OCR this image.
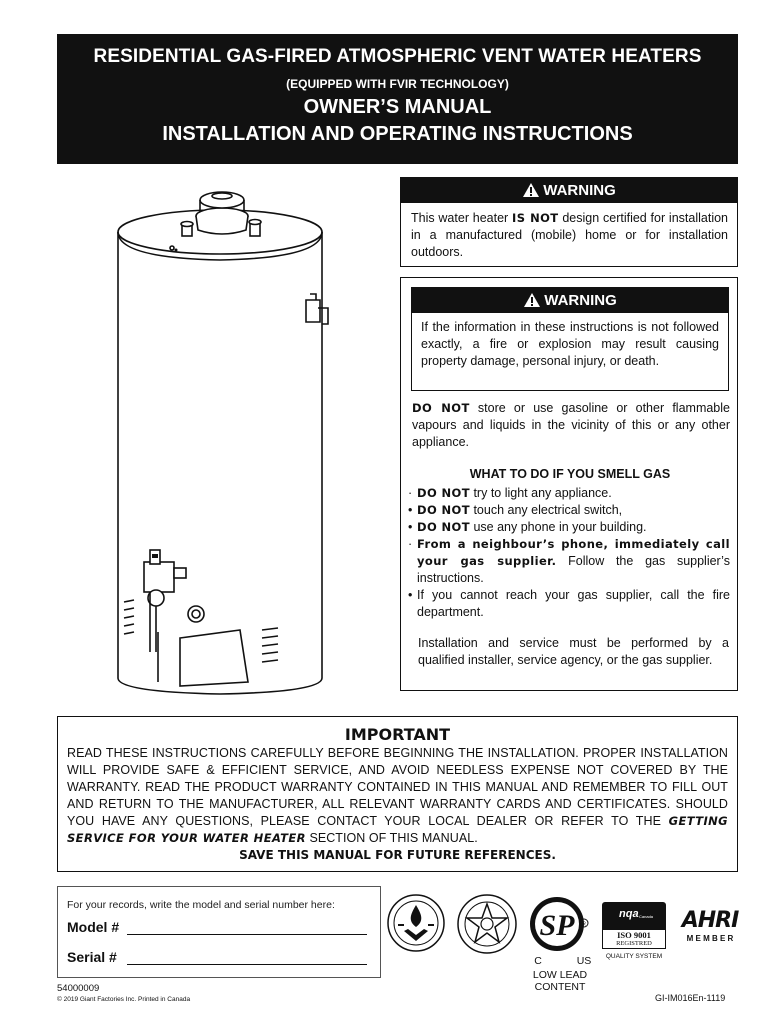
RESIDENTIAL GAS-FIRED ATMOSPHERIC VENT WATER HEATERS
(EQUIPPED WITH FVIR TECHNOLOGY)
OWNER’S MANUAL
INSTALLATION AND OPERATING INSTRUCTIONS
WARNING
This water heater IS NOT design certified for installation in a manufactured (mobile) home or for installation outdoors.
WARNING
If the information in these instructions is not followed exactly, a fire or explosion may result causing property damage, personal injury, or death.
DO NOT store or use gasoline or other flammable vapours and liquids in the vicinity of this or any other appliance.
WHAT TO DO IF YOU SMELL GAS
· DO NOT try to light any appliance.
• DO NOT touch any electrical switch,
• DO NOT use any phone in your building.
· From a neighbour’s phone, immediately call your gas supplier. Follow the gas supplier’s instructions.
• If you cannot reach your gas supplier, call the fire department.
Installation and service must be performed by a qualified installer, service agency, or the gas supplier.
IMPORTANT
READ THESE INSTRUCTIONS CAREFULLY BEFORE BEGINNING THE INSTALLATION. PROPER INSTALLATION WILL PROVIDE SAFE & EFFICIENT SERVICE, AND AVOID NEEDLESS EXPENSE NOT COVERED BY THE WARRANTY. READ THE PRODUCT WARRANTY CONTAINED IN THIS MANUAL AND REMEMBER TO FILL OUT AND RETURN TO THE MANUFACTURER, ALL RELEVANT WARRANTY CARDS AND CERTIFICATES. SHOULD YOU HAVE ANY QUESTIONS, PLEASE CONTACT YOUR LOCAL DEALER OR REFER TO THE GETTING SERVICE FOR YOUR WATER HEATER SECTION OF THIS MANUAL.
SAVE THIS MANUAL FOR FUTURE REFERENCES.
For your records, write the model and serial number here:
Model #
Serial #
SP R
C	US
LOW LEAD
CONTENT
nqa Canada
ISO 9001
REGISTRED
QUALITY SYSTEM
AHRI
M E M B E R
54000009
© 2019 Giant Factories Inc. Printed in Canada	GI-IM016En-1119
